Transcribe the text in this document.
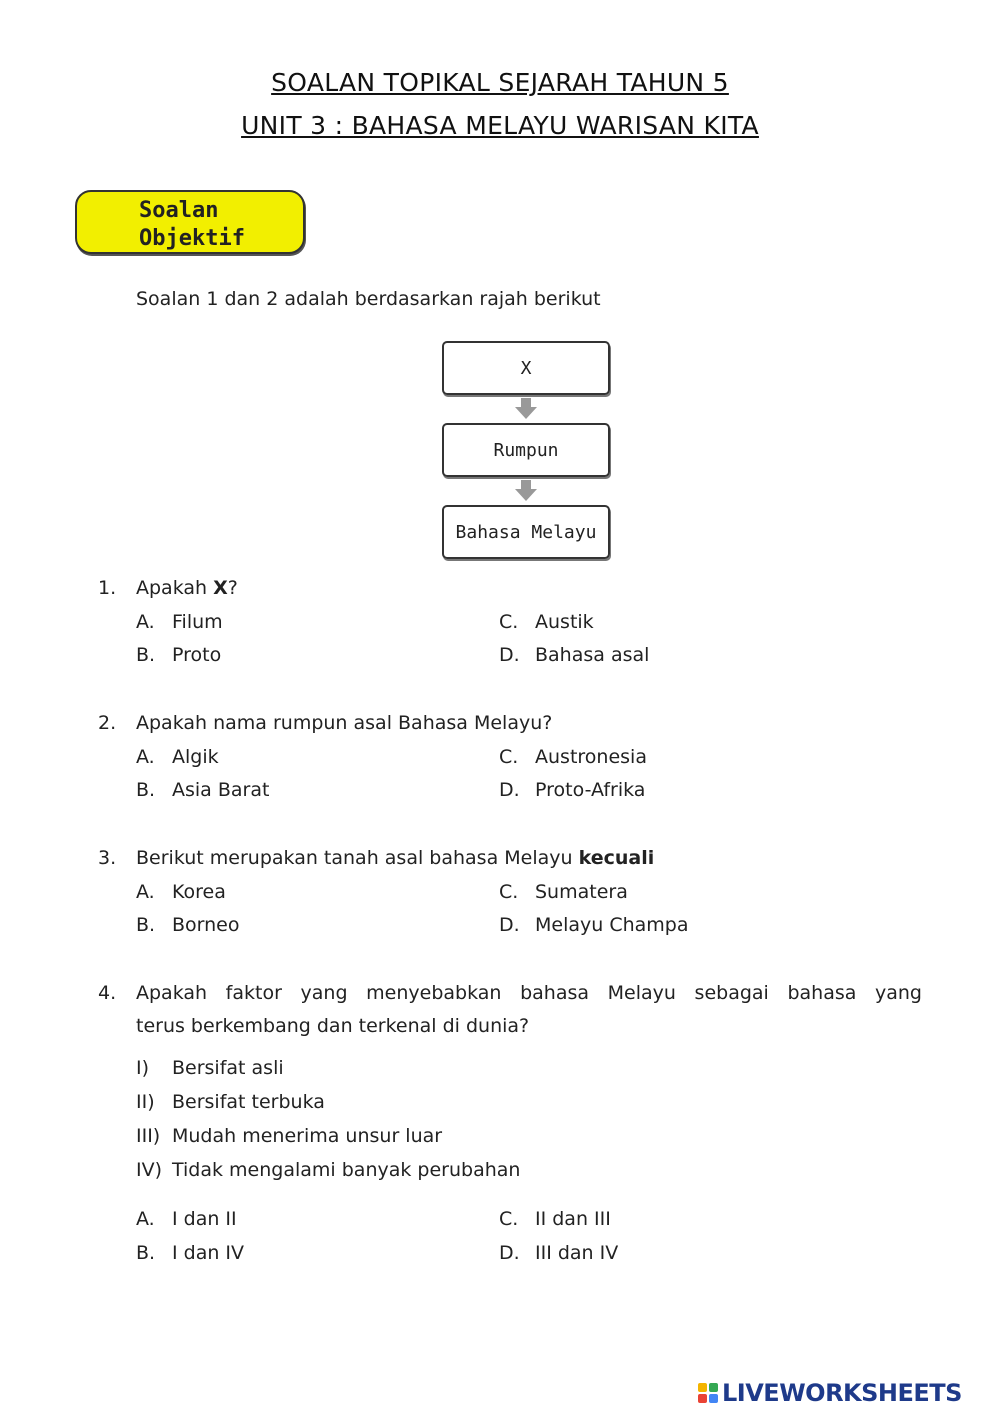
SOALAN TOPIKAL SEJARAH TAHUN 5
UNIT 3 : BAHASA MELAYU WARISAN KITA
Soalan
Objektif
Soalan 1 dan 2 adalah berdasarkan rajah berikut
X
Rumpun
Bahasa Melayu
1. Apakah X?
A. Filum
B. Proto
C. Austik
D. Bahasa asal
2. Apakah nama rumpun asal Bahasa Melayu?
A. Algik
B. Asia Barat
C. Austronesia
D. Proto-Afrika
3. Berikut merupakan tanah asal bahasa Melayu kecuali
A. Korea
B. Borneo
C. Sumatera
D. Melayu Champa
4. Apakah faktor yang menyebabkan bahasa Melayu sebagai bahasa yang
terus berkembang dan terkenal di dunia?
I) Bersifat asli
II) Bersifat terbuka
III) Mudah menerima unsur luar
IV) Tidak mengalami banyak perubahan
A. I dan II
B. I dan IV
C. II dan III
D. III dan IV
LIVEWORKSHEETS
